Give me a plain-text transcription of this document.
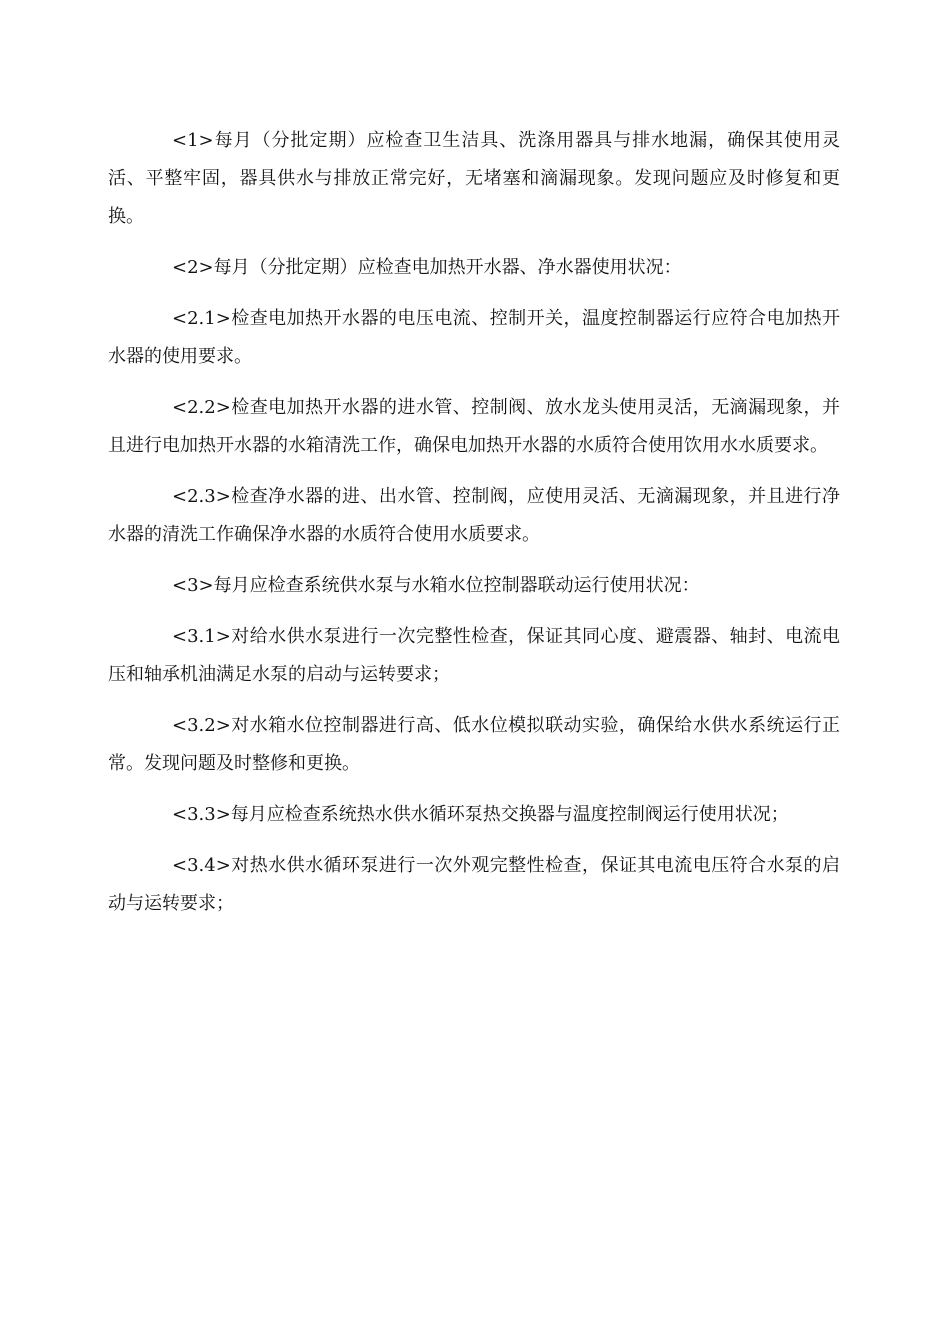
<1>每月（分批定期）应检查卫生洁具、洗涤用器具与排水地漏，确保其使用灵活、平整牢固，器具供水与排放正常完好，无堵塞和滴漏现象。发现问题应及时修复和更换。

<2>每月（分批定期）应检查电加热开水器、净水器使用状况：

<2.1>检查电加热开水器的电压电流、控制开关，温度控制器运行应符合电加热开水器的使用要求。

<2.2>检查电加热开水器的进水管、控制阀、放水龙头使用灵活，无滴漏现象，并且进行电加热开水器的水箱清洗工作，确保电加热开水器的水质符合使用饮用水水质要求。

<2.3>检查净水器的进、出水管、控制阀，应使用灵活、无滴漏现象，并且进行净水器的清洗工作确保净水器的水质符合使用水质要求。

<3>每月应检查系统供水泵与水箱水位控制器联动运行使用状况：

<3.1>对给水供水泵进行一次完整性检查，保证其同心度、避震器、轴封、电流电压和轴承机油满足水泵的启动与运转要求；

<3.2>对水箱水位控制器进行高、低水位模拟联动实验，确保给水供水系统运行正常。发现问题及时整修和更换。

<3.3>每月应检查系统热水供水循环泵热交换器与温度控制阀运行使用状况；

<3.4>对热水供水循环泵进行一次外观完整性检查，保证其电流电压符合水泵的启动与运转要求；
